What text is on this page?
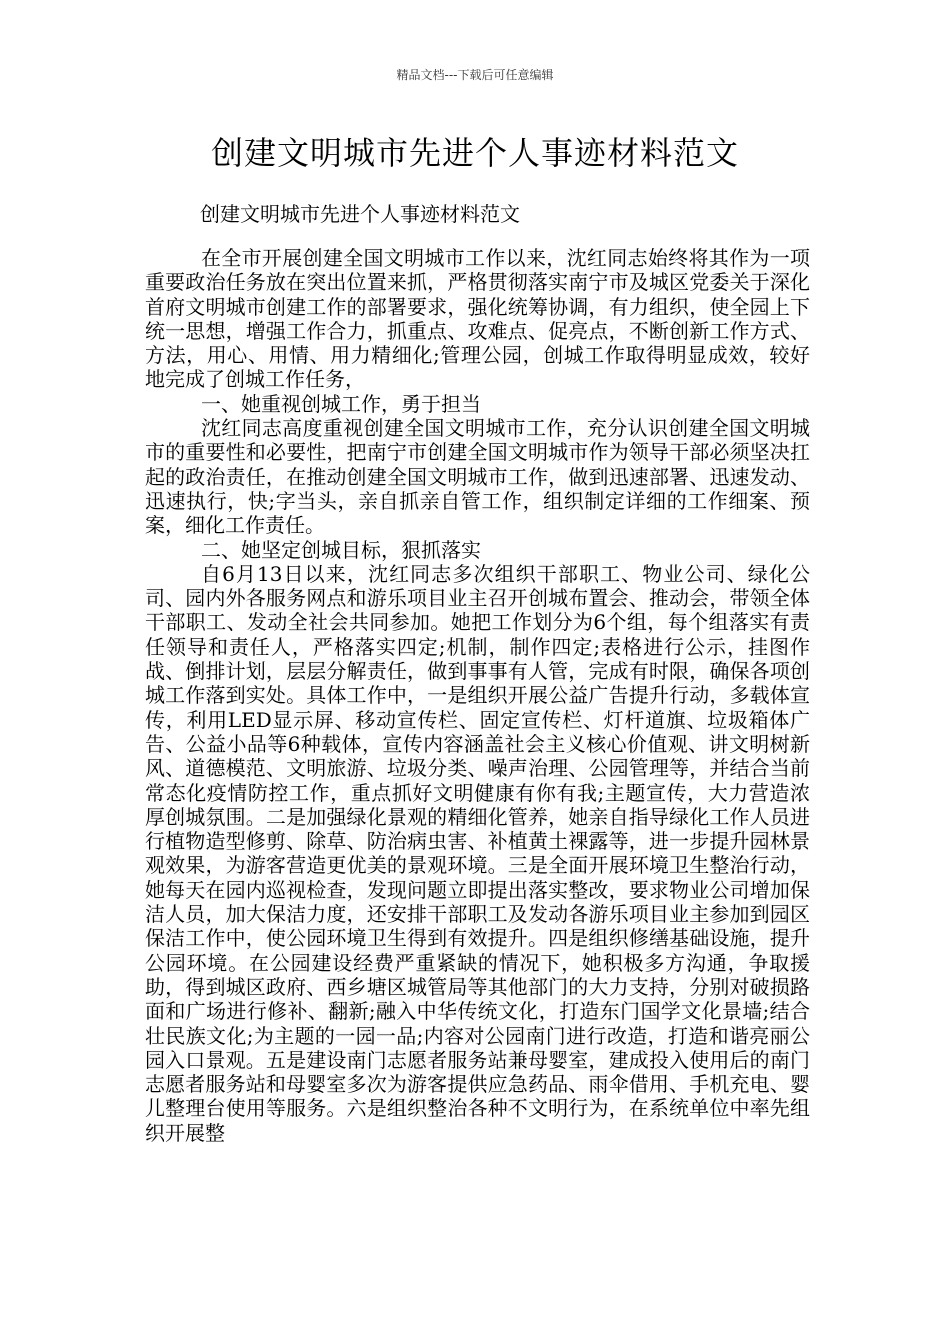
精品文档---下载后可任意编辑
创建文明城市先进个人事迹材料范文
创建文明城市先进个人事迹材料范文

在全市开展创建全国文明城市工作以来，沈红同志始终将其作为一项重要政治任务放在突出位置来抓，严格贯彻落实南宁市及城区党委关于深化首府文明城市创建工作的部署要求，强化统筹协调，有力组织，使全园上下统一思想，增强工作合力，抓重点、攻难点、促亮点，不断创新工作方式、方法，用心、用情、用力精细化;管理公园，创城工作取得明显成效，较好地完成了创城工作任务，

一、她重视创城工作，勇于担当

沈红同志高度重视创建全国文明城市工作，充分认识创建全国文明城市的重要性和必要性，把南宁市创建全国文明城市作为领导干部必须坚决扛起的政治责任，在推动创建全国文明城市工作，做到迅速部署、迅速发动、迅速执行，快;字当头，亲自抓亲自管工作，组织制定详细的工作细案、预案，细化工作责任。

二、她坚定创城目标，狠抓落实

自6月13日以来，沈红同志多次组织干部职工、物业公司、绿化公司、园内外各服务网点和游乐项目业主召开创城布置会、推动会，带领全体干部职工、发动全社会共同参加。她把工作划分为6个组，每个组落实有责任领导和责任人，严格落实四定;机制，制作四定;表格进行公示，挂图作战、倒排计划，层层分解责任，做到事事有人管，完成有时限，确保各项创城工作落到实处。具体工作中，一是组织开展公益广告提升行动，多载体宣传，利用LED显示屏、移动宣传栏、固定宣传栏、灯杆道旗、垃圾箱体广告、公益小品等6种载体，宣传内容涵盖社会主义核心价值观、讲文明树新风、道德模范、文明旅游、垃圾分类、噪声治理、公园管理等，并结合当前常态化疫情防控工作，重点抓好文明健康有你有我;主题宣传，大力营造浓厚创城氛围。二是加强绿化景观的精细化管养，她亲自指导绿化工作人员进行植物造型修剪、除草、防治病虫害、补植黄土裸露等，进一步提升园林景观效果，为游客营造更优美的景观环境。三是全面开展环境卫生整治行动，她每天在园内巡视检查，发现问题立即提出落实整改，要求物业公司增加保洁人员，加大保洁力度，还安排干部职工及发动各游乐项目业主参加到园区保洁工作中，使公园环境卫生得到有效提升。四是组织修缮基础设施，提升公园环境。在公园建设经费严重紧缺的情况下，她积极多方沟通，争取援助，得到城区政府、西乡塘区城管局等其他部门的大力支持，分别对破损路面和广场进行修补、翻新;融入中华传统文化，打造东门国学文化景墙;结合壮民族文化;为主题的一园一品;内容对公园南门进行改造，打造和谐亮丽公园入口景观。五是建设南门志愿者服务站兼母婴室，建成投入使用后的南门志愿者服务站和母婴室多次为游客提供应急药品、雨伞借用、手机充电、婴儿整理台使用等服务。六是组织整治各种不文明行为，在系统单位中率先组织开展整
